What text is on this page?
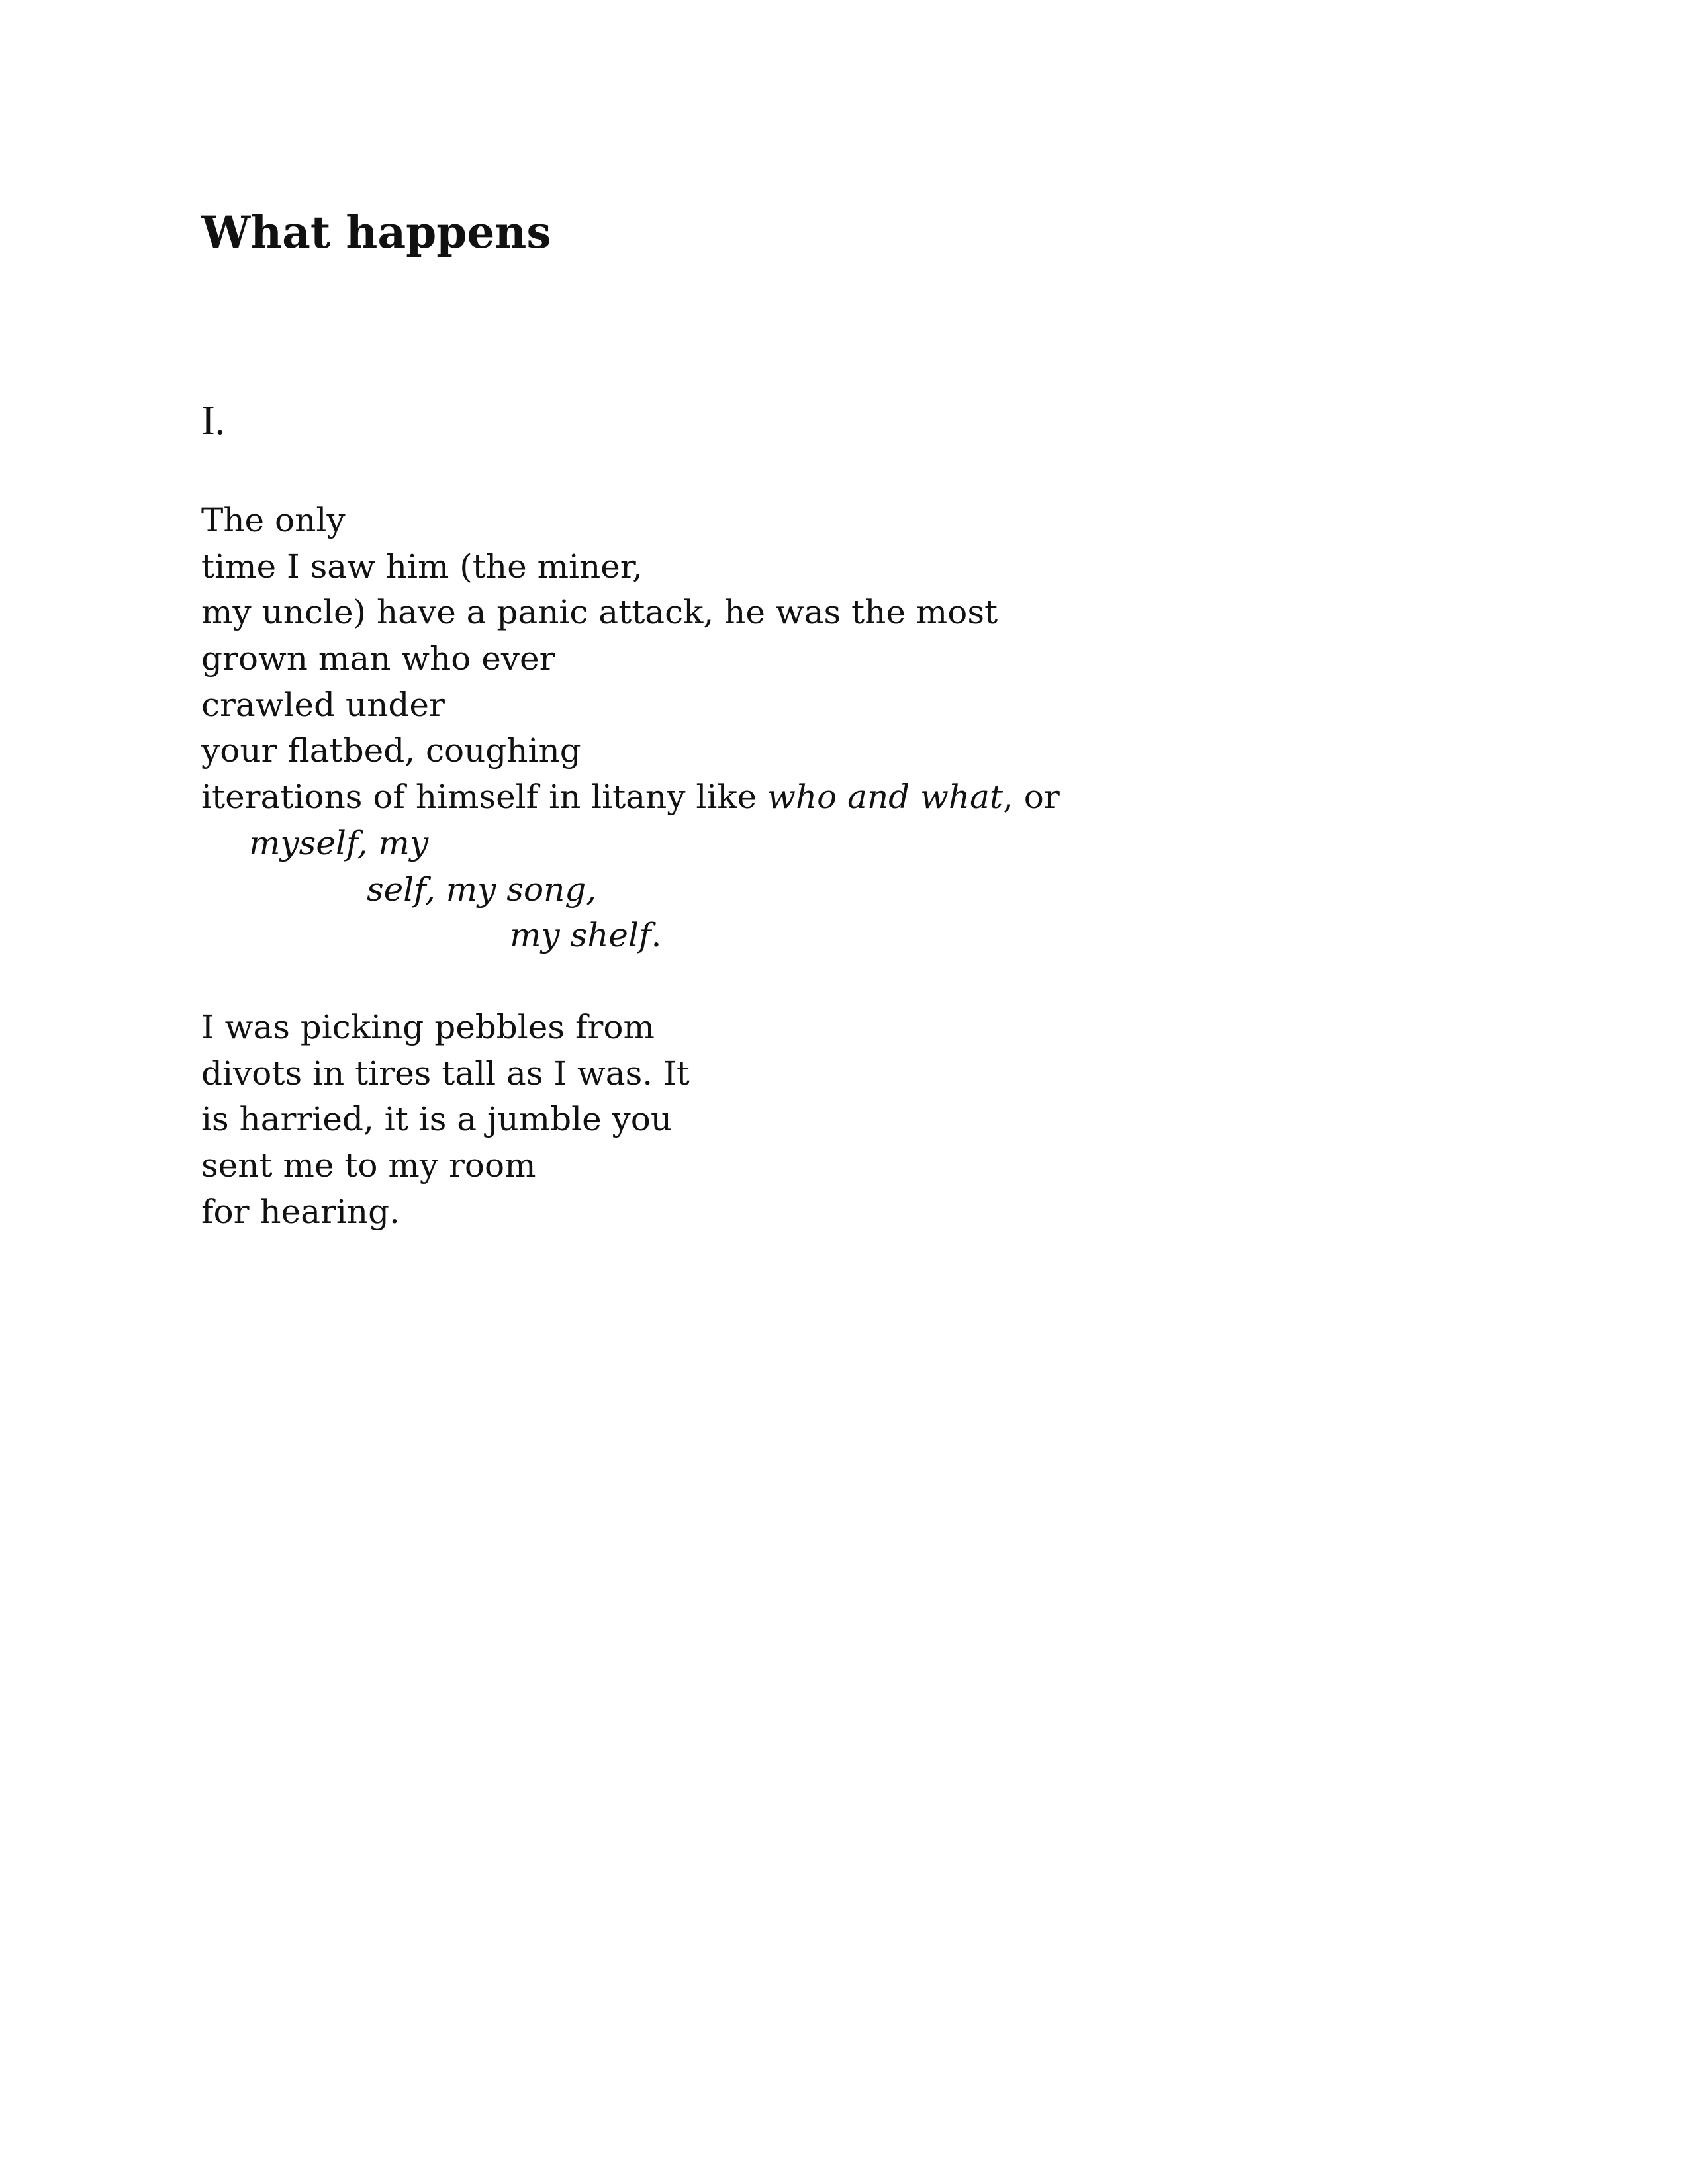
What happens
I.
The only
time I saw him (the miner,
my uncle) have a panic attack, he was the most
grown man who ever
crawled under
your flatbed, coughing
iterations of himself in litany like who and what, or
myself, my
self, my song,
my shelf.
I was picking pebbles from
divots in tires tall as I was. It
is harried, it is a jumble you
sent me to my room
for hearing.
